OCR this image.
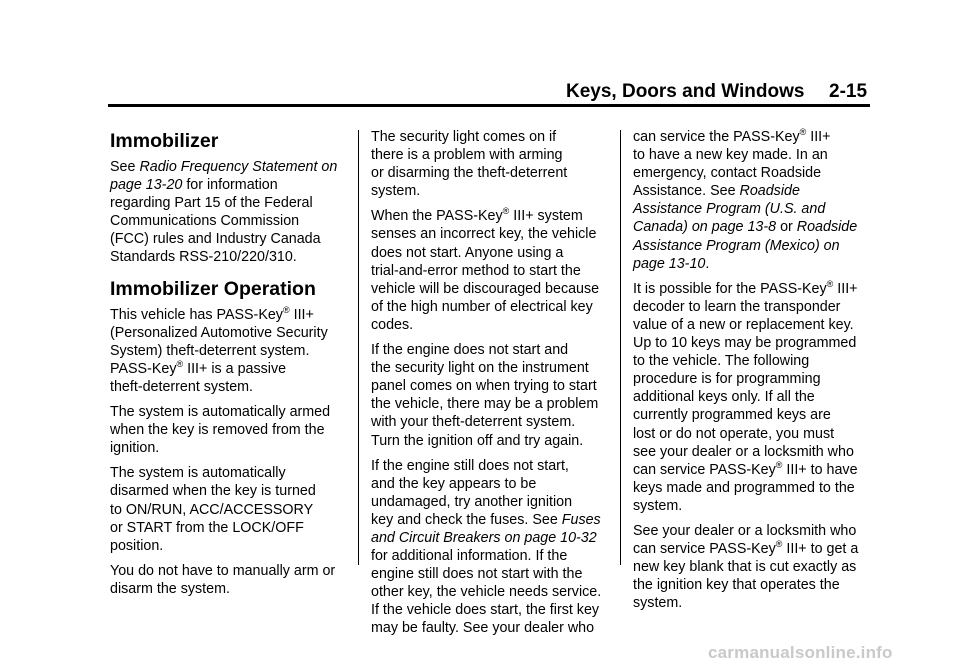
Keys, Doors and Windows 2-15
Immobilizer

See Radio Frequency Statement on
page 13-20 for information
regarding Part 15 of the Federal
Communications Commission
(FCC) rules and Industry Canada
Standards RSS-210/220/310.

Immobilizer Operation

This vehicle has PASS-Key® III+
(Personalized Automotive Security
System) theft-deterrent system.
PASS-Key® III+ is a passive
theft-deterrent system.

The system is automatically armed
when the key is removed from the
ignition.

The system is automatically
disarmed when the key is turned
to ON/RUN, ACC/ACCESSORY
or START from the LOCK/OFF
position.

You do not have to manually arm or
disarm the system.

The security light comes on if
there is a problem with arming
or disarming the theft-deterrent
system.

When the PASS-Key® III+ system
senses an incorrect key, the vehicle
does not start. Anyone using a
trial-and-error method to start the
vehicle will be discouraged because
of the high number of electrical key
codes.

If the engine does not start and
the security light on the instrument
panel comes on when trying to start
the vehicle, there may be a problem
with your theft-deterrent system.
Turn the ignition off and try again.

If the engine still does not start,
and the key appears to be
undamaged, try another ignition
key and check the fuses. See Fuses
and Circuit Breakers on page 10-32
for additional information. If the
engine still does not start with the
other key, the vehicle needs service.
If the vehicle does start, the first key
may be faulty. See your dealer who

can service the PASS-Key® III+
to have a new key made. In an
emergency, contact Roadside
Assistance. See Roadside
Assistance Program (U.S. and
Canada) on page 13-8 or Roadside
Assistance Program (Mexico) on
page 13-10.

It is possible for the PASS-Key® III+
decoder to learn the transponder
value of a new or replacement key.
Up to 10 keys may be programmed
to the vehicle. The following
procedure is for programming
additional keys only. If all the
currently programmed keys are
lost or do not operate, you must
see your dealer or a locksmith who
can service PASS-Key® III+ to have
keys made and programmed to the
system.

See your dealer or a locksmith who
can service PASS-Key® III+ to get a
new key blank that is cut exactly as
the ignition key that operates the
system.

carmanualsonline.info
